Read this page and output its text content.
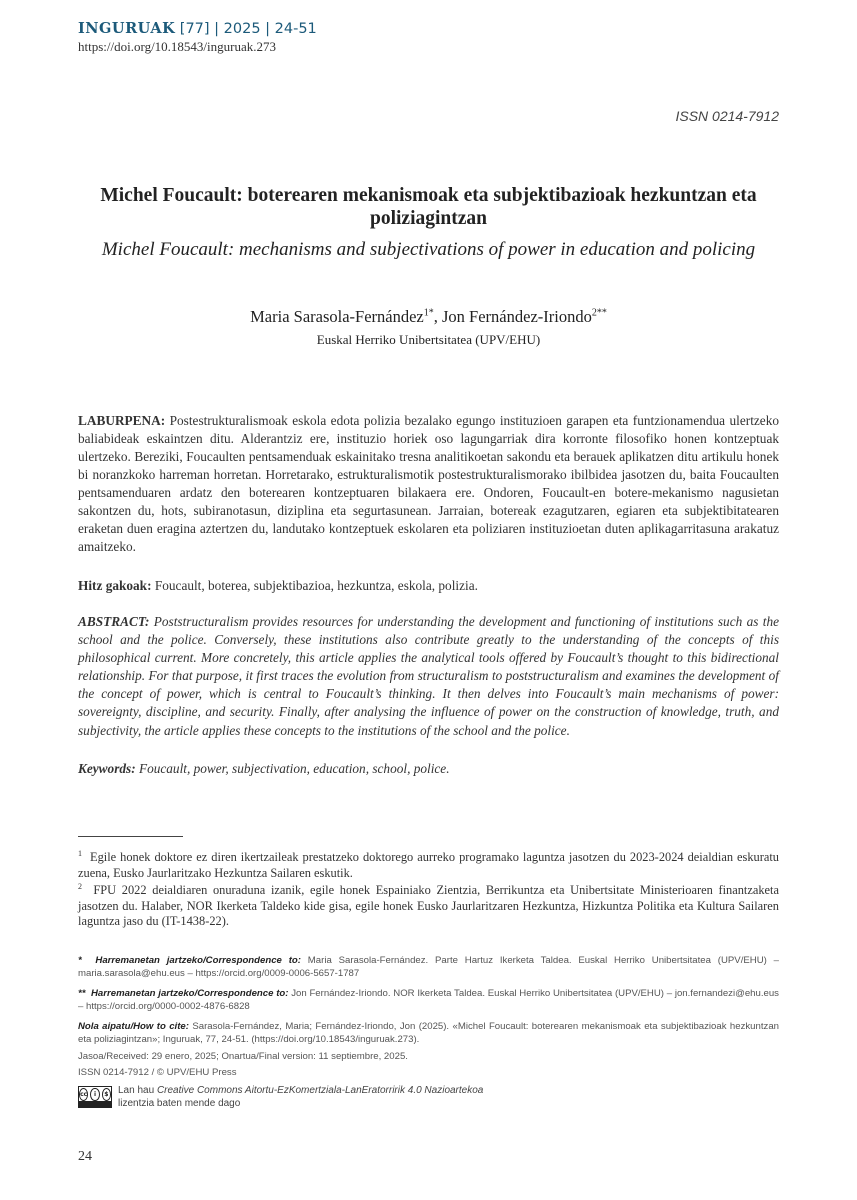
INGURUAK [77] | 2025 | 24-51
https://doi.org/10.18543/inguruak.273
ISSN 0214-7912
Michel Foucault: boterearen mekanismoak eta subjektibazioak hezkuntzan eta poliziagintzan
Michel Foucault: mechanisms and subjectivations of power in education and policing
Maria Sarasola-Fernández$^{1*}$, Jon Fernández-Iriondo$^{2**}$
Euskal Herriko Unibertsitatea (UPV/EHU)
LABURPENA: Postestrukturalismoak eskola edota polizia bezalako egungo instituzioen garapen eta funtzionamendua ulertzeko baliabideak eskaintzen ditu. Alderantziz ere, instituzio horiek oso lagungarriak dira korronte filosofiko honen kontzeptuak ulertzeko. Bereziki, Foucaulten pentsamenduak eskainitako tresna analitikoetan sakondu eta berauek aplikatzen ditu artikulu honek bi noranzkoko harreman horretan. Horretarako, estrukturalismotik postestrukturalismorako ibilbidea jasotzen du, baita Foucaulten pentsamenduaren ardatz den boterearen kontzeptuaren bilakaera ere. Ondoren, Foucault-en botere-mekanismo nagusietan sakontzen du, hots, subiranotasun, diziplina eta segurtasunean. Jarraian, botereak ezagutzaren, egiaren eta subjektibitatearen eraketan duen eragina aztertzen du, landutako kontzeptuek eskolaren eta poliziaren instituzioetan duten aplikagarritasuna arakatuz amaitzeko.
Hitz gakoak: Foucault, boterea, subjektibazioa, hezkuntza, eskola, polizia.
ABSTRACT: Poststructuralism provides resources for understanding the development and functioning of institutions such as the school and the police. Conversely, these institutions also contribute greatly to the understanding of the concepts of this philosophical current. More concretely, this article applies the analytical tools offered by Foucault’s thought to this bidirectional relationship. For that purpose, it first traces the evolution from structuralism to poststructuralism and examines the development of the concept of power, which is central to Foucault’s thinking. It then delves into Foucault’s main mechanisms of power: sovereignty, discipline, and security. Finally, after analysing the influence of power on the construction of knowledge, truth, and subjectivity, the article applies these concepts to the institutions of the school and the police.
Keywords: Foucault, power, subjectivation, education, school, police.
$^1$ Egile honek doktore ez diren ikertzaileak prestatzeko doktorego aurreko programako laguntza jasotzen du 2023-2024 deialdian eskuratu zuena, Eusko Jaurlaritzako Hezkuntza Sailaren eskutik.
$^2$ FPU 2022 deialdiaren onuraduna izanik, egile honek Espainiako Zientzia, Berrikuntza eta Unibertsitate Ministerioaren finantzaketa jasotzen du. Halaber, NOR Ikerketa Taldeko kide gisa, egile honek Eusko Jaurlaritzaren Hezkuntza, Hizkuntza Politika eta Kultura Sailaren laguntza jaso du (IT-1438-22).
* Harremanetan jartzeko/Correspondence to: Maria Sarasola-Fernández. Parte Hartuz Ikerketa Taldea. Euskal Herriko Unibertsitatea (UPV/EHU) – maria.sarasola@ehu.eus – https://orcid.org/0009-0006-5657-1787
** Harremanetan jartzeko/Correspondence to: Jon Fernández-Iriondo. NOR Ikerketa Taldea. Euskal Herriko Unibertsitatea (UPV/EHU) – jon.fernandezi@ehu.eus – https://orcid.org/0000-0002-4876-6828
Nola aipatu/How to cite: Sarasola-Fernández, Maria; Fernández-Iriondo, Jon (2025). «Michel Foucault: boterearen mekanismoak eta subjektibazioak hezkuntzan eta poliziagintzan»; Inguruak, 77, 24-51. (https://doi.org/10.18543/inguruak.273).
Jasoa/Received: 29 enero, 2025; Onartua/Final version: 11 septiembre, 2025.
ISSN 0214-7912 / © UPV/EHU Press
cc	i	$ Lan hau Creative Commons Aitortu-EzKomertziala-LanEratorririk 4.0 Nazioartekoa
lizentzia baten mende dago
24
